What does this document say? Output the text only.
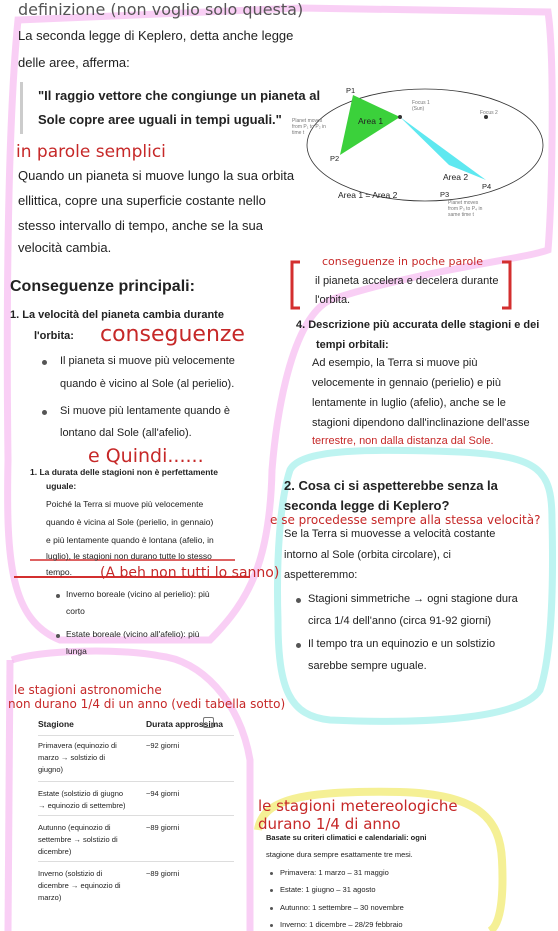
definizione (non voglio solo questa)
La seconda legge di Keplero, detta anche legge
delle aree, afferma:
"Il raggio vettore che congiunge un pianeta al
Sole copre aree uguali in tempi uguali."
in parole semplici
Quando un pianeta si muove lungo la sua orbita
ellittica, copre una superficie costante nello
stesso intervallo di tempo, anche se la sua
velocità cambia.
P1
P2
P3
P4
Area 1
Area 2
Planet moves
from P₁ to P₂ in
time t
Planet moves
from P₃ to P₄ in
same time t
Focus 1
(Sun)
Focus 2
Area 1 = Area 2
conseguenze in poche parole
il pianeta accelera e decelera durante
l'orbita.
Conseguenze principali:
1. La velocità del pianeta cambia durante
l'orbita: conseguenze
Il pianeta si muove più velocemente
quando è vicino al Sole (al perielio).
Si muove più lentamente quando è
lontano dal Sole (all'afelio).
4. Descrizione più accurata delle stagioni e dei
tempi orbitali:
Ad esempio, la Terra si muove più
velocemente in gennaio (perielio) e più
lentamente in luglio (afelio), anche se le
stagioni dipendono dall'inclinazione dell'asse
terrestre, non dalla distanza dal Sole.
e Quindi......
1. La durata delle stagioni non è perfettamente
uguale:
Poiché la Terra si muove più velocemente
quando è vicina al Sole (perielio, in gennaio)
e più lentamente quando è lontana (afelio, in
luglio), le stagioni non durano tutte lo stesso
tempo. (A beh non tutti lo sanno)
Inverno boreale (vicino al perielio): più
corto
Estate boreale (vicino all'afelio): più
lunga
2. Cosa ci si aspetterebbe senza la
seconda legge di Keplero?
e se procedesse sempre alla stessa velocità?
Se la Terra si muovesse a velocità costante
intorno al Sole (orbita circolare), ci
aspetteremmo:
Stagioni simmetriche → ogni stagione dura
circa 1/4 dell'anno (circa 91-92 giorni)
Il tempo tra un equinozio e un solstizio
sarebbe sempre uguale.
le stagioni astronomiche
non durano 1/4 di un anno (vedi tabella sotto)
Stagione	Durata approssima
Primavera (equinozio di
marzo → solstizio di
giugno)
~92 giorni
Estate (solstizio di giugno
→ equinozio di settembre)
~94 giorni
Autunno (equinozio di
settembre → solstizio di
dicembre)
~89 giorni
Inverno (solstizio di
dicembre → equinozio di
marzo)
~89 giorni
le stagioni metereologiche
durano 1/4 di anno
Basate su criteri climatici e calendariali: ogni
stagione dura sempre esattamente tre mesi.
Primavera: 1 marzo – 31 maggio
Estate: 1 giugno – 31 agosto
Autunno: 1 settembre – 30 novembre
Inverno: 1 dicembre – 28/29 febbraio
